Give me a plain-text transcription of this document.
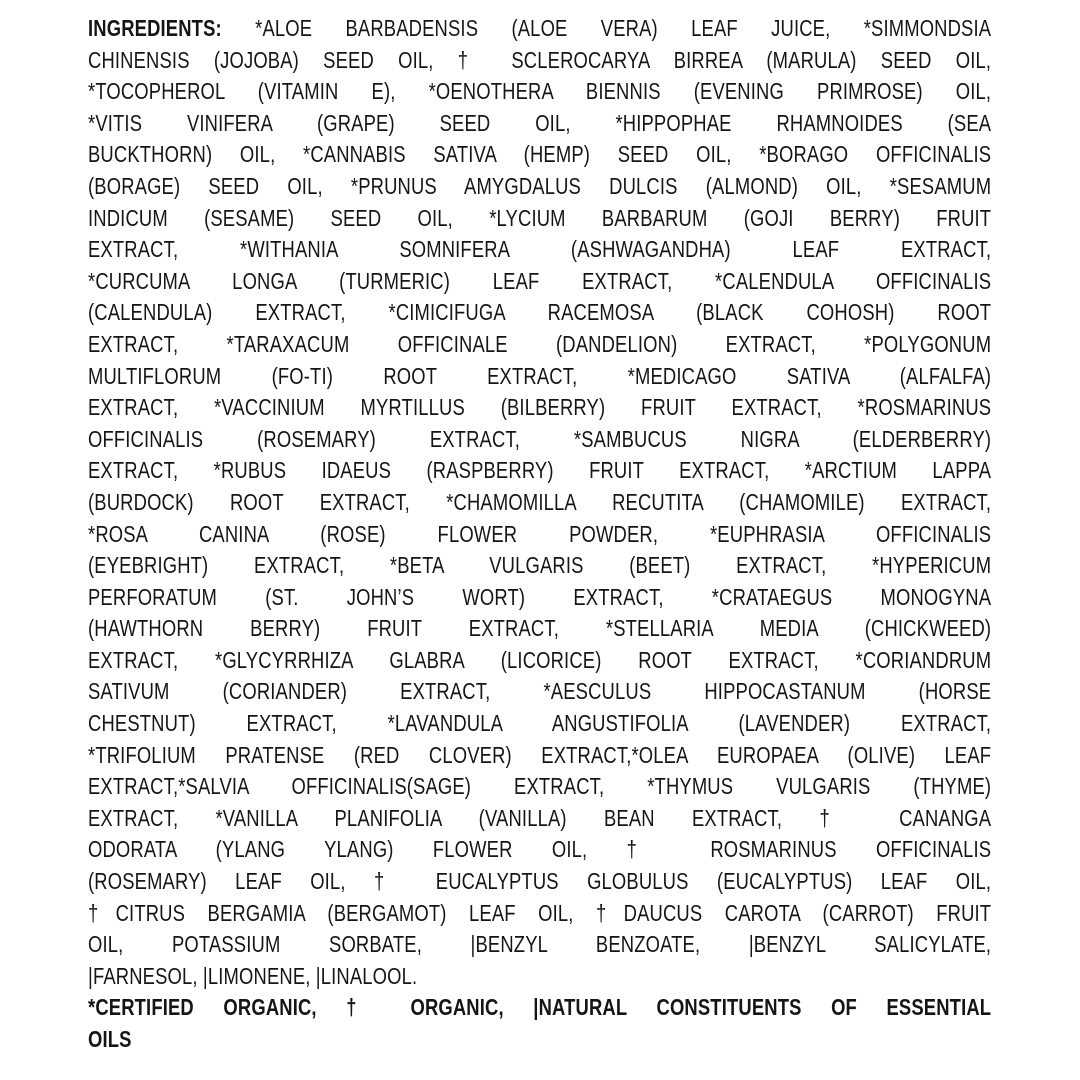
INGREDIENTS: *ALOE BARBADENSIS (ALOE VERA) LEAF JUICE, *SIMMONDSIA
CHINENSIS (JOJOBA) SEED OIL, † SCLEROCARYA BIRREA (MARULA) SEED OIL,
*TOCOPHEROL (VITAMIN E), *OENOTHERA BIENNIS (EVENING PRIMROSE) OIL,
*VITIS VINIFERA (GRAPE) SEED OIL, *HIPPOPHAE RHAMNOIDES (SEA
BUCKTHORN) OIL, *CANNABIS SATIVA (HEMP) SEED OIL, *BORAGO OFFICINALIS
(BORAGE) SEED OIL, *PRUNUS AMYGDALUS DULCIS (ALMOND) OIL, *SESAMUM
INDICUM (SESAME) SEED OIL, *LYCIUM BARBARUM (GOJI BERRY) FRUIT
EXTRACT, *WITHANIA SOMNIFERA (ASHWAGANDHA) LEAF EXTRACT,
*CURCUMA LONGA (TURMERIC) LEAF EXTRACT, *CALENDULA OFFICINALIS
(CALENDULA) EXTRACT, *CIMICIFUGA RACEMOSA (BLACK COHOSH) ROOT
EXTRACT, *TARAXACUM OFFICINALE (DANDELION) EXTRACT, *POLYGONUM
MULTIFLORUM (FO-TI) ROOT EXTRACT, *MEDICAGO SATIVA (ALFALFA)
EXTRACT, *VACCINIUM MYRTILLUS (BILBERRY) FRUIT EXTRACT, *ROSMARINUS
OFFICINALIS (ROSEMARY) EXTRACT, *SAMBUCUS NIGRA (ELDERBERRY)
EXTRACT, *RUBUS IDAEUS (RASPBERRY) FRUIT EXTRACT, *ARCTIUM LAPPA
(BURDOCK) ROOT EXTRACT, *CHAMOMILLA RECUTITA (CHAMOMILE) EXTRACT,
*ROSA CANINA (ROSE) FLOWER POWDER, *EUPHRASIA OFFICINALIS
(EYEBRIGHT) EXTRACT, *BETA VULGARIS (BEET) EXTRACT, *HYPERICUM
PERFORATUM (ST. JOHN’S WORT) EXTRACT, *CRATAEGUS MONOGYNA
(HAWTHORN BERRY) FRUIT EXTRACT, *STELLARIA MEDIA (CHICKWEED)
EXTRACT, *GLYCYRRHIZA GLABRA (LICORICE) ROOT EXTRACT, *CORIANDRUM
SATIVUM (CORIANDER) EXTRACT, *AESCULUS HIPPOCASTANUM (HORSE
CHESTNUT) EXTRACT, *LAVANDULA ANGUSTIFOLIA (LAVENDER) EXTRACT,
*TRIFOLIUM PRATENSE (RED CLOVER) EXTRACT,*OLEA EUROPAEA (OLIVE) LEAF
EXTRACT,*SALVIA OFFICINALIS(SAGE) EXTRACT, *THYMUS VULGARIS (THYME)
EXTRACT, *VANILLA PLANIFOLIA (VANILLA) BEAN EXTRACT, † CANANGA
ODORATA (YLANG YLANG) FLOWER OIL, † ROSMARINUS OFFICINALIS
(ROSEMARY) LEAF OIL, † EUCALYPTUS GLOBULUS (EUCALYPTUS) LEAF OIL,
†CITRUS BERGAMIA (BERGAMOT) LEAF OIL, †DAUCUS CAROTA (CARROT) FRUIT
OIL, POTASSIUM SORBATE, |BENZYL BENZOATE, |BENZYL SALICYLATE,
|FARNESOL, |LIMONENE, |LINALOOL.
*CERTIFIED ORGANIC, † ORGANIC, |NATURAL CONSTITUENTS OF ESSENTIAL
OILS
